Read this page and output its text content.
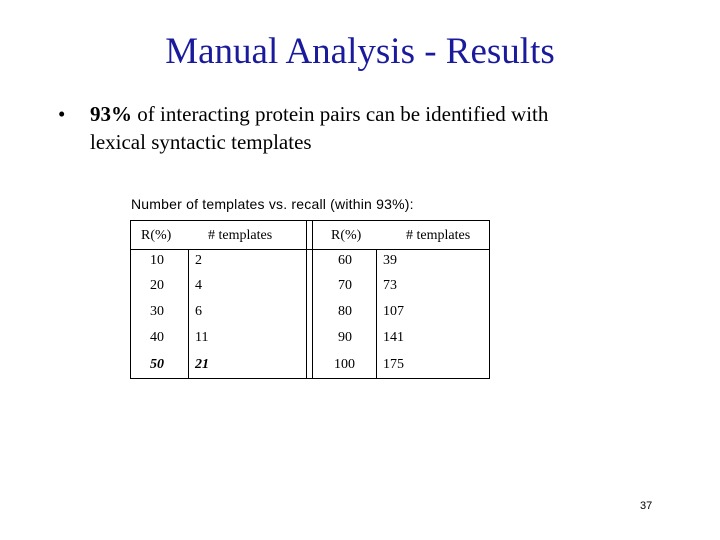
Manual Analysis - Results
• 93% of interacting protein pairs can be identified with
lexical syntactic templates
Number of templates vs. recall (within 93%):
R(%)	# templates	R(%)	# templates
10 2	60 39
20 4	70 73
30 6	80 107
40 11	90 141
50 21	100 175
37
